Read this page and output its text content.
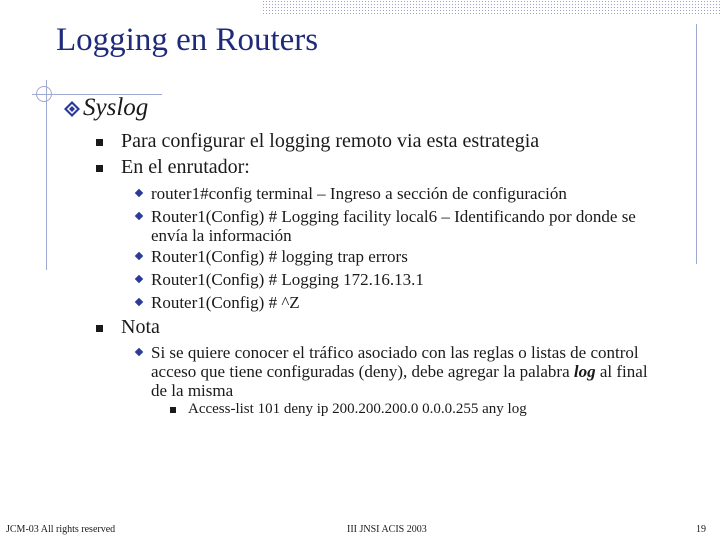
Logging en Routers
Syslog
Para configurar el logging remoto via esta estrategia
En el enrutador:
router1#config terminal – Ingreso a sección de configuración
Router1(Config) # Logging facility local6 – Identificando por donde se envía la información
Router1(Config) # logging trap errors
Router1(Config) # Logging 172.16.13.1
Router1(Config) # ^Z
Nota
Si se quiere conocer el tráfico asociado con las reglas o listas de control acceso que tiene configuradas (deny), debe agregar la palabra log al final de la misma
Access-list 101 deny ip 200.200.200.0 0.0.0.255 any log
JCM-03 All rights reserved	III JNSI ACIS 2003	19
